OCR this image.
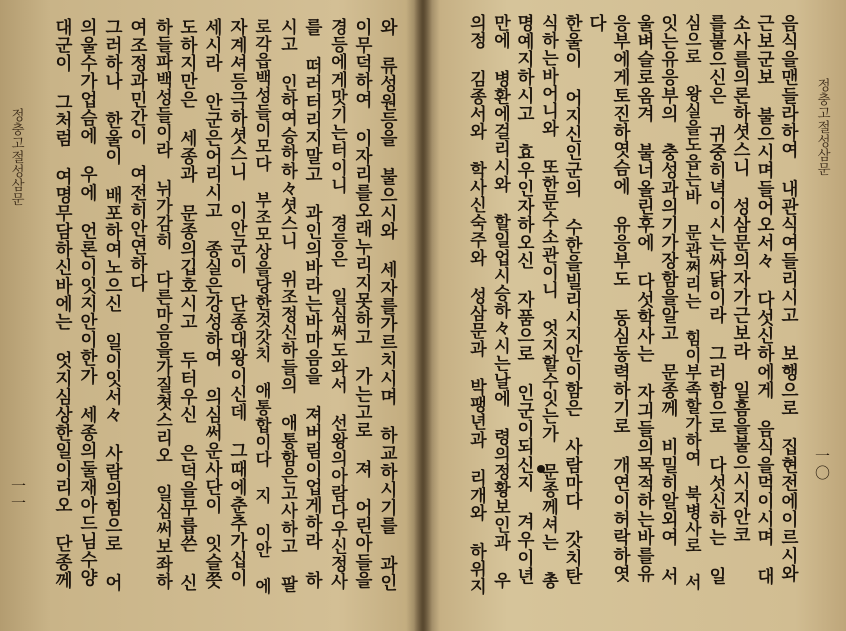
정충고절성삼문
一一	와 류성원등을 불으시와 세자를가르치시며 하교하시기를 과인
이무덕하여 이자리를오래누리지못하고 가는고로 져 어린아들을
경등에게맛기는터이니 경등은 일심써도와서 선왕의아람다우신정사
를 떠러터리지말고 과인의바라는바마음을 져버림이업게하라 하
시고 인하여승하하々셧스니 위조정신하들의 애통함은고사하고 팔
로각읍백성들이모다 부조모상을당한것갓치 애통합이다 지 이안 에
자계셔등극하셧스니 이안군이 단종대왕이신데 그때에춘추가십이
세시라 안군은어리시고 종실은강성하여 의심써운사단이 잇슬쯧
도하지만은 세종과 문종의깁호시고 두터우신 은덕을무릅쓴 신
하들파백성들이라 뉘가감히 다른마음을가질쳣스리오 일심써보좌하
여조정과민간이 여전히안연하다
그러하나 한울이 배포하여노으신 일이잇서々 사람의힘으로 어
의울수가업슴에 우에 언론이잇지안이한가 세종의둘재아드님수양
대군이 그처럼 여명무담하신바에는 엇지심상한일이리오 단종께	정충고절성삼문
一〇
음식을맨들라하여 내관식여들리시고 보행으로 집현전에이르시와
근보군보 불으시며들어오서々 다섯신하에게 음식을먹이시며 대
소사를의론하셧스니 성삼문의자가근보라 일흠을불으시지안코
를불으신은 귀중히녁이시는싸닭이라 그러함으로 다섯신하는 일
심으로 왕실을도읍는바 문관쩌리는 힘이부족할가하여 북병사로 서
잇는유응부의 충성과의기가장함을알고 문종께 비밀히알외여 서
울벼슬로옴겨 불너올린후에 다섯학사는 자긔들의목적하는바를유
응부에게토진하엿슴에 유응부도 동심동력하기로 개연이허락하엿
다
한울이 어지신인군의 수한을빌리시지안이함은 사람마다 갓치탄
식하는바어니와 또한문수소관이니 엇지할수잇는가 문종께셔는 총
명예지하시고 효우인자하오신 자품으로 인군이되신지 겨우이년
만에 병환에걸리시와 할일업시승하々시는날에 령의정황보인과 우
의정 김종서와 학사신숙주와 성삼문과 박팽년과 리개와 하위지
